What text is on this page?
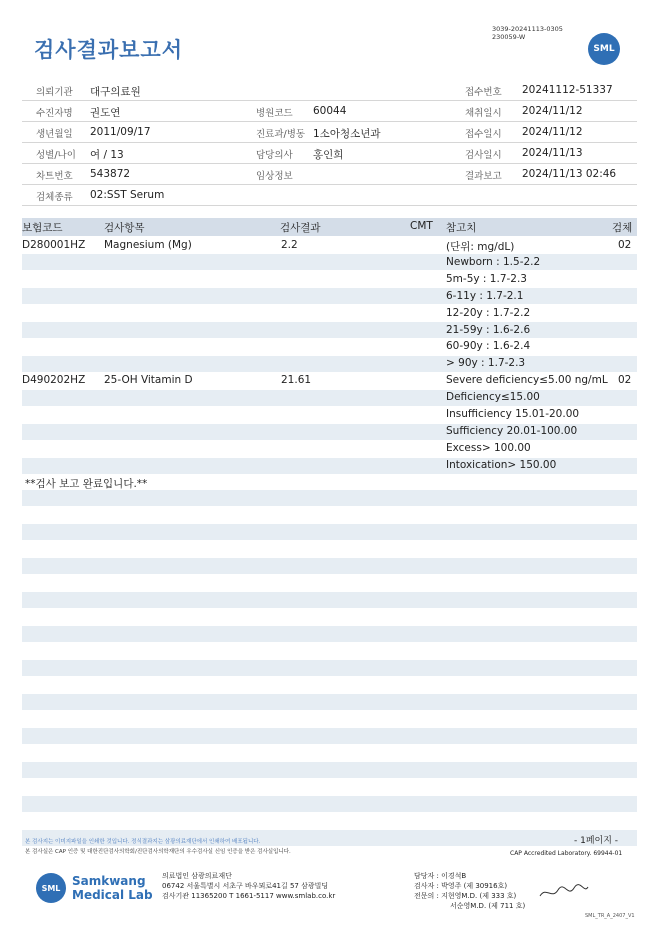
검사결과보고서
3039-20241113-0305
230059-W
SML
의뢰기관 대구의료원	접수번호 20241112-51337
수진자명 권도연	병원코드 60044	채취일시 2024/11/12
생년월일 2011/09/17	진료과/병동 1소아청소년과	접수일시 2024/11/12
성별/나이 여 / 13	담당의사 홍인희	검사일시 2024/11/13
차트번호 543872	임상정보	결과보고 2024/11/13 02:46
검체종류 02:SST Serum
보험코드	검사항목	검사결과	CMT 참고치	검체
D280001HZ Magnesium (Mg)	2.2	(단위: mg/dL)	02
Newborn : 1.5-2.2
5m-5y : 1.7-2.3
6-11y : 1.7-2.1
12-20y : 1.7-2.2
21-59y : 1.6-2.6
60-90y : 1.6-2.4
> 90y : 1.7-2.3
D490202HZ 25-OH Vitamin D	21.61	Severe deficiency≤5.00 ng/mL 02
Deficiency≤15.00
Insufficiency 15.01-20.00
Sufficiency 20.01-100.00
Excess> 100.00
Intoxication> 150.00
**검사 보고 완료입니다.**
본 검사지는 이미지파일을 인쇄한 것입니다. 정식결과지는 삼광의료재단에서 인쇄하여 배포됩니다.
본 검사실은 CAP 인증 및 대한진단검사의학회/진단검사의학재단의 우수검사실 신임 인증을 받은 검사실입니다.
- 1페이지 -
CAP Accredited Laboratory. 69944-01
SML Samkwang
Medical Lab
의료법인 삼광의료재단
06742 서울특별시 서초구 바우뫼로41길 57 삼광빌딩
검사기관 11365200 T 1661-5117 www.smlab.co.kr
담당자 : 이경석B
검사자 : 박영주 (제 30916호)
전문의 : 지현영M.D. (제 333 호)
서순영M.D. (제 711 호)
SML_TR_A_2407_V1
